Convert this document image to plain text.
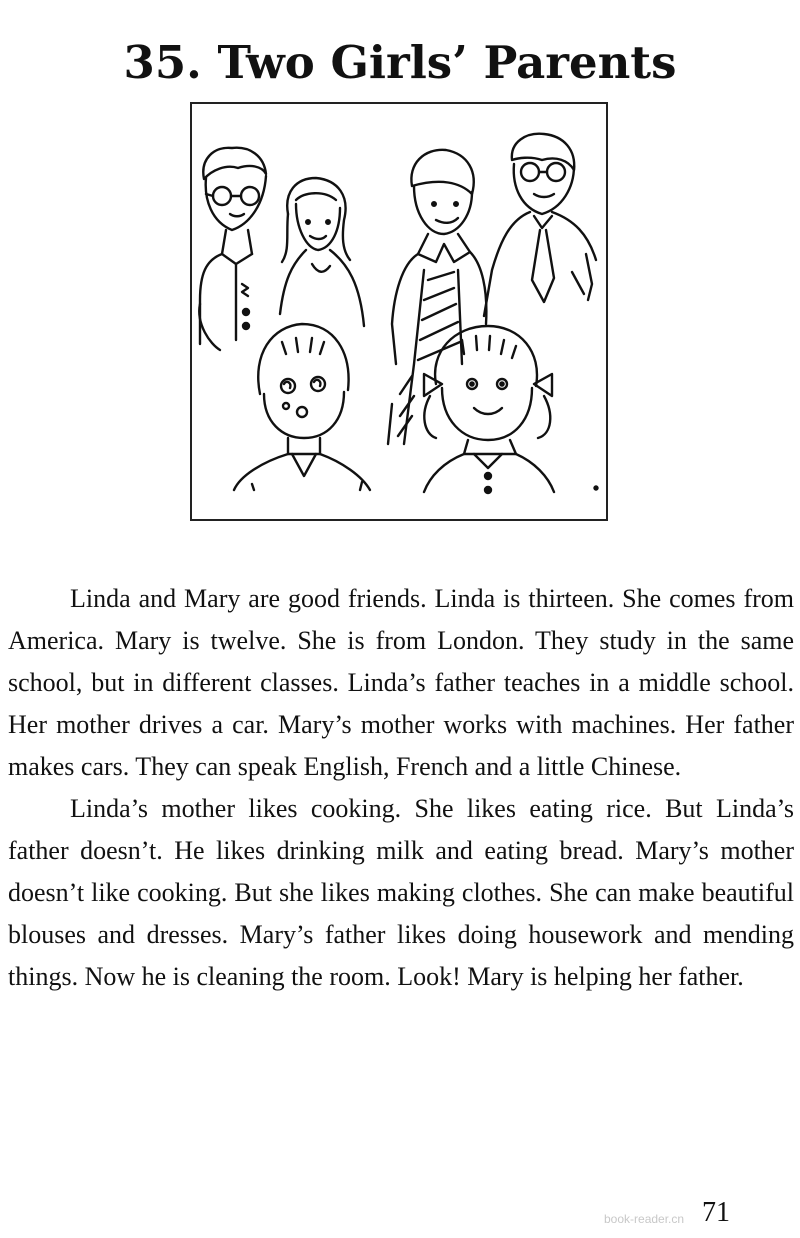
35. Two Girls’ Parents

Linda and Mary are good friends. Linda is thirteen. She comes from America. Mary is twelve. She is from London. They study in the same school, but in different classes. Linda’s father teaches in a middle school. Her mother drives a car. Mary’s mother works with machines. Her father makes cars. They can speak English, French and a little Chinese.

Linda’s mother likes cooking. She likes eating rice. But Linda’s father doesn’t. He likes drinking milk and eating bread. Mary’s mother doesn’t like cooking. But she likes making clothes. She can make beautiful blouses and dresses. Mary’s father likes doing housework and mending things. Now he is cleaning the room. Look! Mary is helping her father.

book-reader.cn 71
